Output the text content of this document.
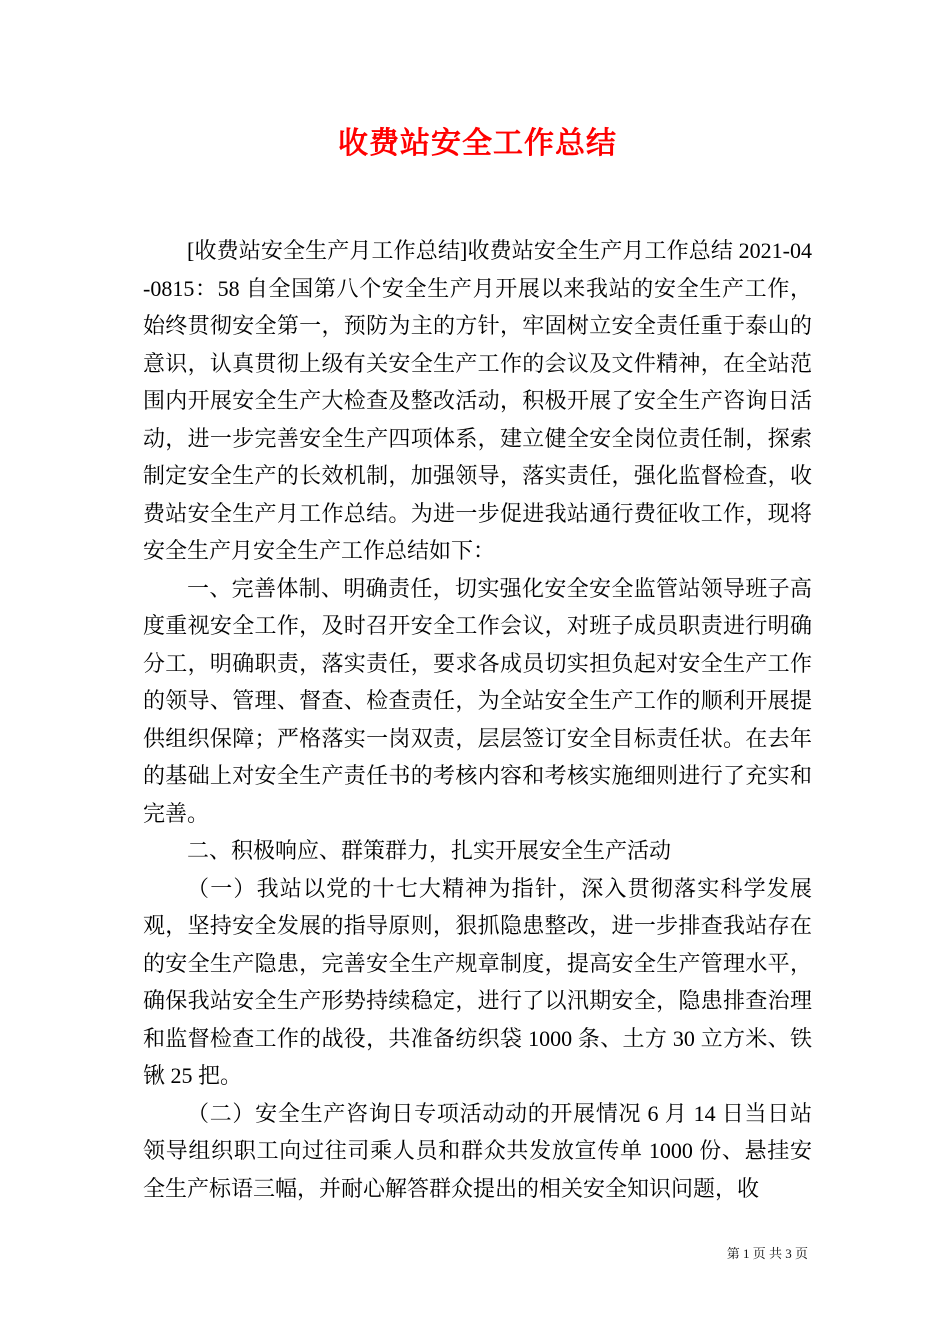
收费站安全工作总结

[收费站安全生产月工作总结]收费站安全生产月工作总结 2021-04-0815：58 自全国第八个安全生产月开展以来我站的安全生产工作，始终贯彻安全第一，预防为主的方针，牢固树立安全责任重于泰山的意识，认真贯彻上级有关安全生产工作的会议及文件精神，在全站范围内开展安全生产大检查及整改活动，积极开展了安全生产咨询日活动，进一步完善安全生产四项体系，建立健全安全岗位责任制，探索制定安全生产的长效机制，加强领导，落实责任，强化监督检查，收费站安全生产月工作总结。为进一步促进我站通行费征收工作，现将安全生产月安全生产工作总结如下：

一、完善体制、明确责任，切实强化安全安全监管站领导班子高度重视安全工作，及时召开安全工作会议，对班子成员职责进行明确分工，明确职责，落实责任，要求各成员切实担负起对安全生产工作的领导、管理、督查、检查责任，为全站安全生产工作的顺利开展提供组织保障；严格落实一岗双责，层层签订安全目标责任状。在去年的基础上对安全生产责任书的考核内容和考核实施细则进行了充实和完善。

二、积极响应、群策群力，扎实开展安全生产活动

（一）我站以党的十七大精神为指针，深入贯彻落实科学发展观，坚持安全发展的指导原则，狠抓隐患整改，进一步排查我站存在的安全生产隐患，完善安全生产规章制度，提高安全生产管理水平，确保我站安全生产形势持续稳定，进行了以汛期安全，隐患排查治理和监督检查工作的战役，共准备纺织袋 1000 条、土方 30 立方米、铁锹 25 把。

（二）安全生产咨询日专项活动动的开展情况 6 月 14 日当日站领导组织职工向过往司乘人员和群众共发放宣传单 1000 份、悬挂安全生产标语三幅，并耐心解答群众提出的相关安全知识问题，收

第 1 页 共 3 页
